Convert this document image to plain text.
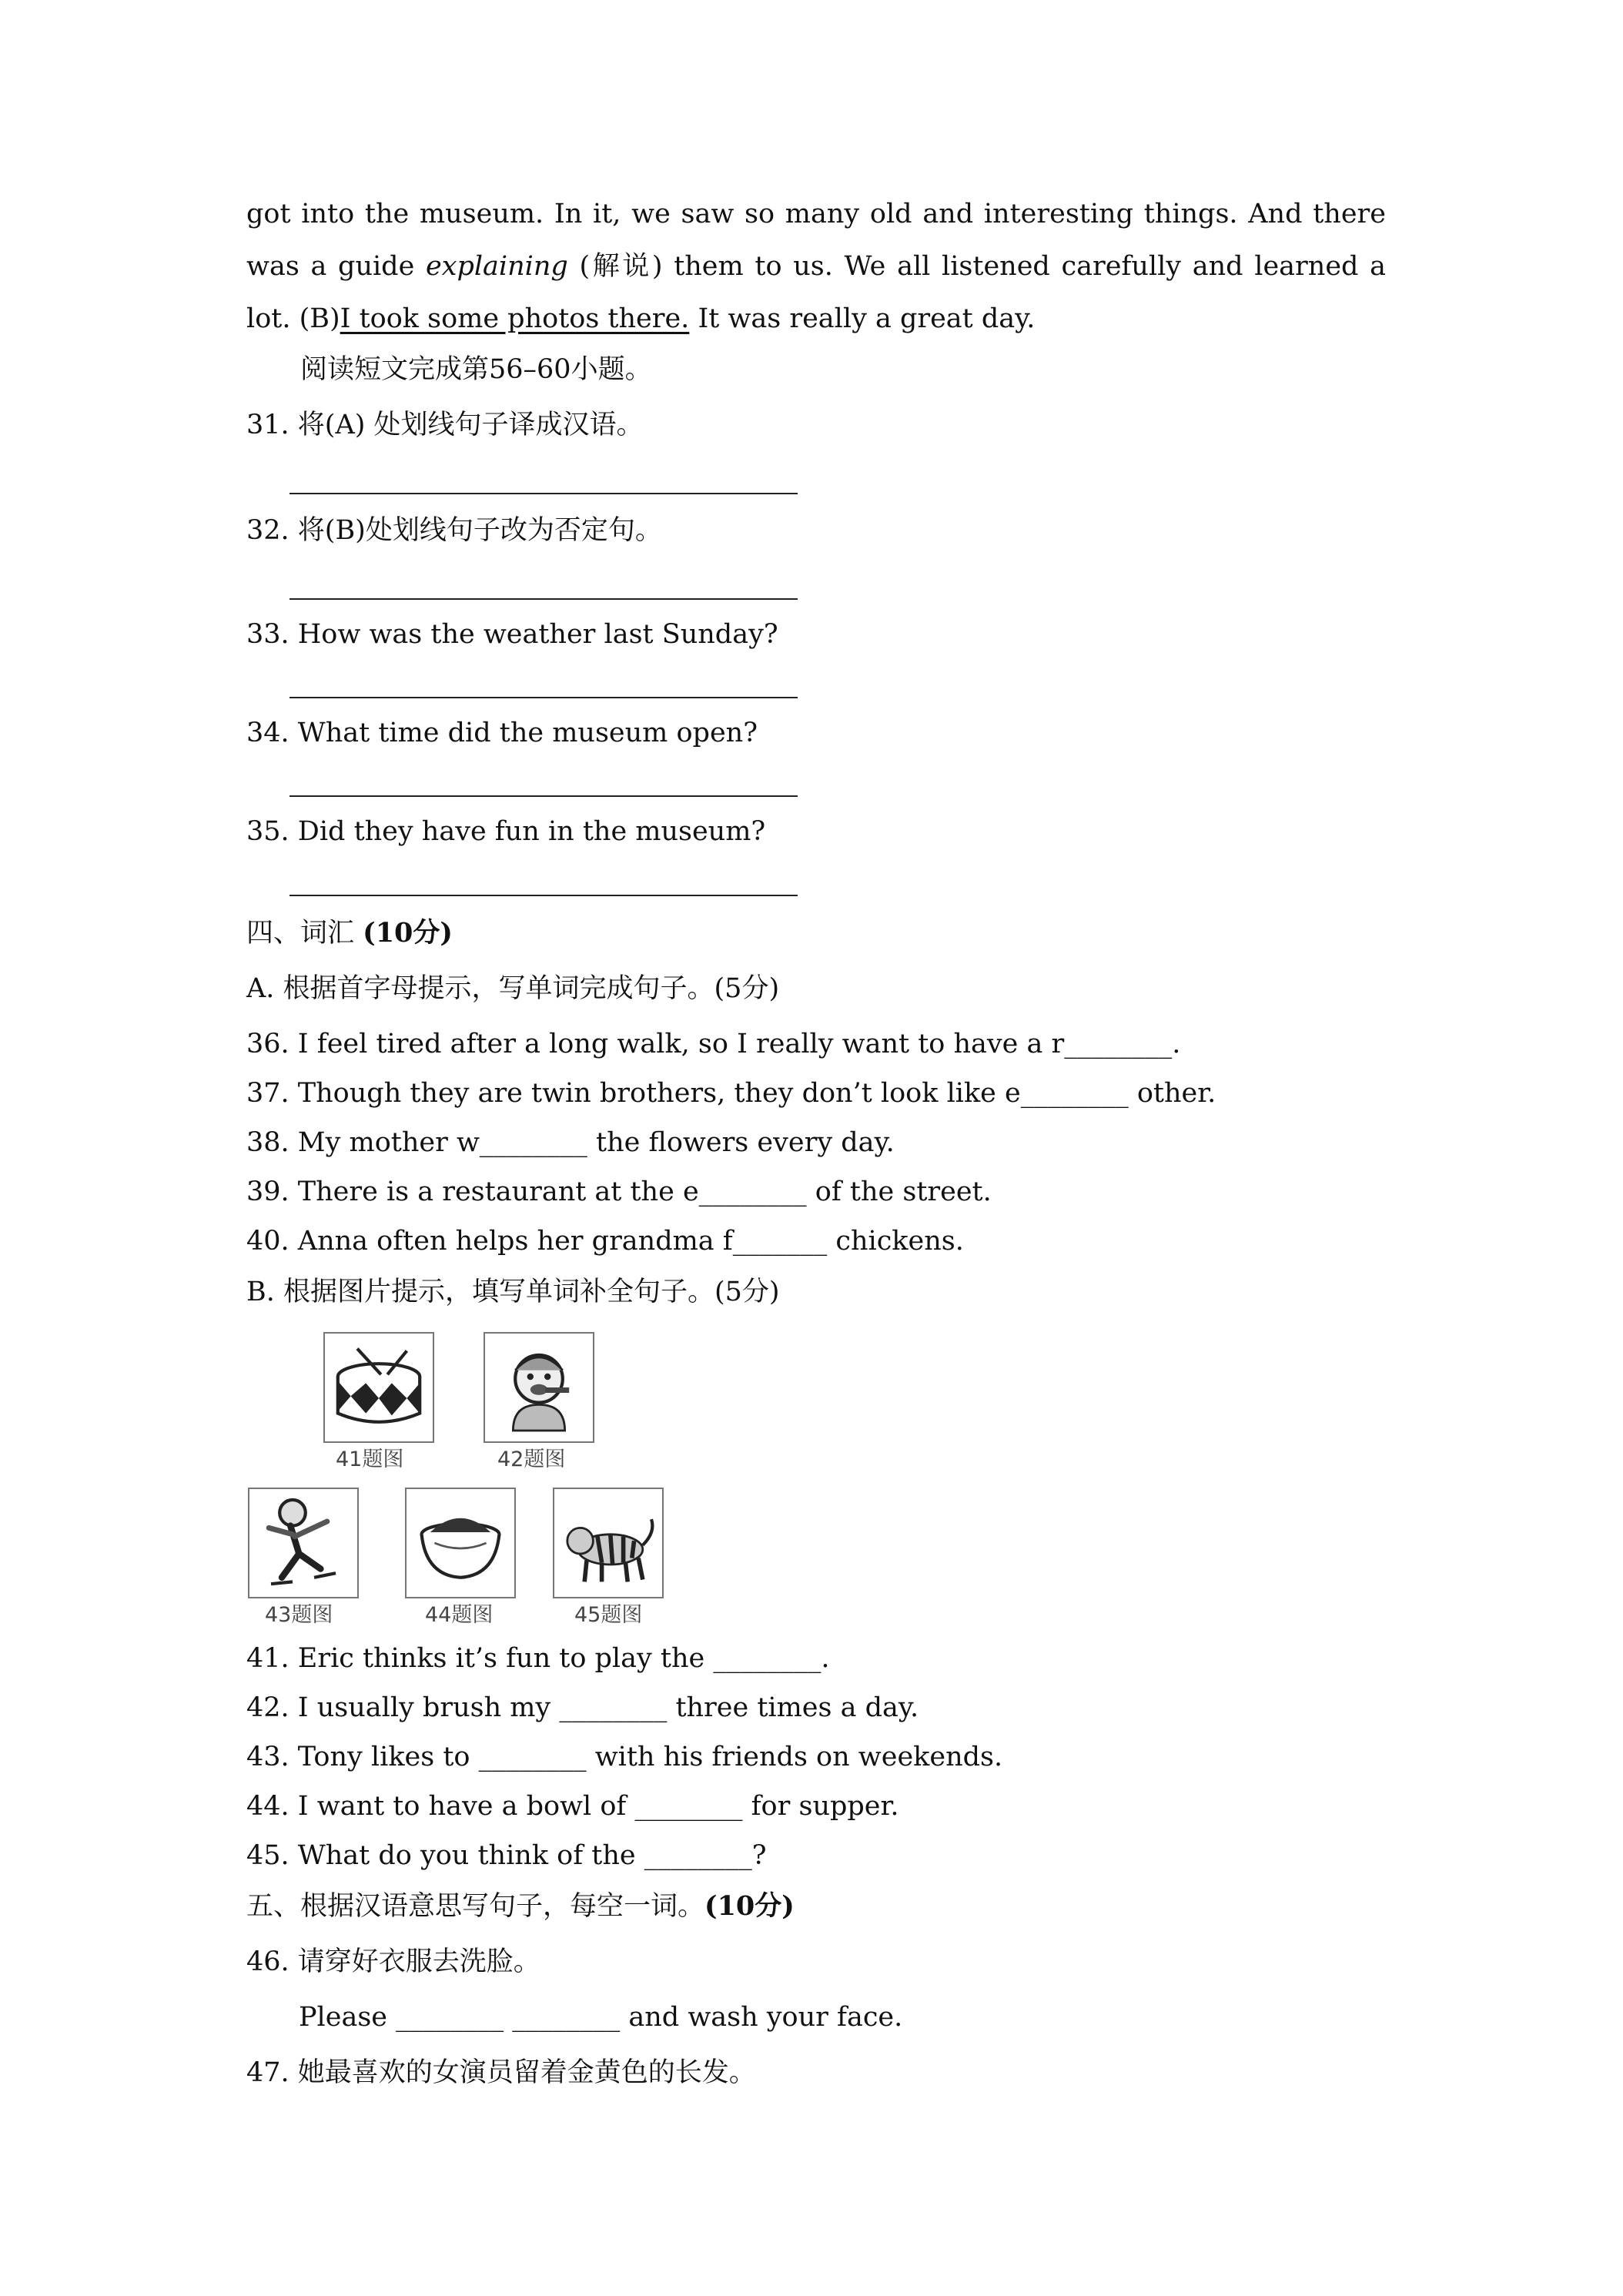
got into the museum. In it, we saw so many old and interesting things. And there was a guide explaining (解说) them to us. We all listened carefully and learned a lot. (B)I took some photos there. It was really a great day.
阅读短文完成第56–60小题。
31. 将(A) 处划线句子译成汉语。
32. 将(B)处划线句子改为否定句。
33. How was the weather last Sunday?
34. What time did the museum open?
35. Did they have fun in the museum?
四、词汇 (10分)
A. 根据首字母提示，写单词完成句子。(5分)
36. I feel tired after a long walk, so I really want to have a r________.
37. Though they are twin brothers, they don’t look like e________ other.
38. My mother w________ the flowers every day.
39. There is a restaurant at the e________ of the street.
40. Anna often helps her grandma f_______ chickens.
B. 根据图片提示，填写单词补全句子。(5分)
41题图	42题图
43题图	44题图	45题图
41. Eric thinks it’s fun to play the ________.
42. I usually brush my ________ three times a day.
43. Tony likes to ________ with his friends on weekends.
44. I want to have a bowl of ________ for supper.
45. What do you think of the ________?
五、根据汉语意思写句子，每空一词。(10分)
46. 请穿好衣服去洗脸。
Please ________ ________ and wash your face.
47. 她最喜欢的女演员留着金黄色的长发。
